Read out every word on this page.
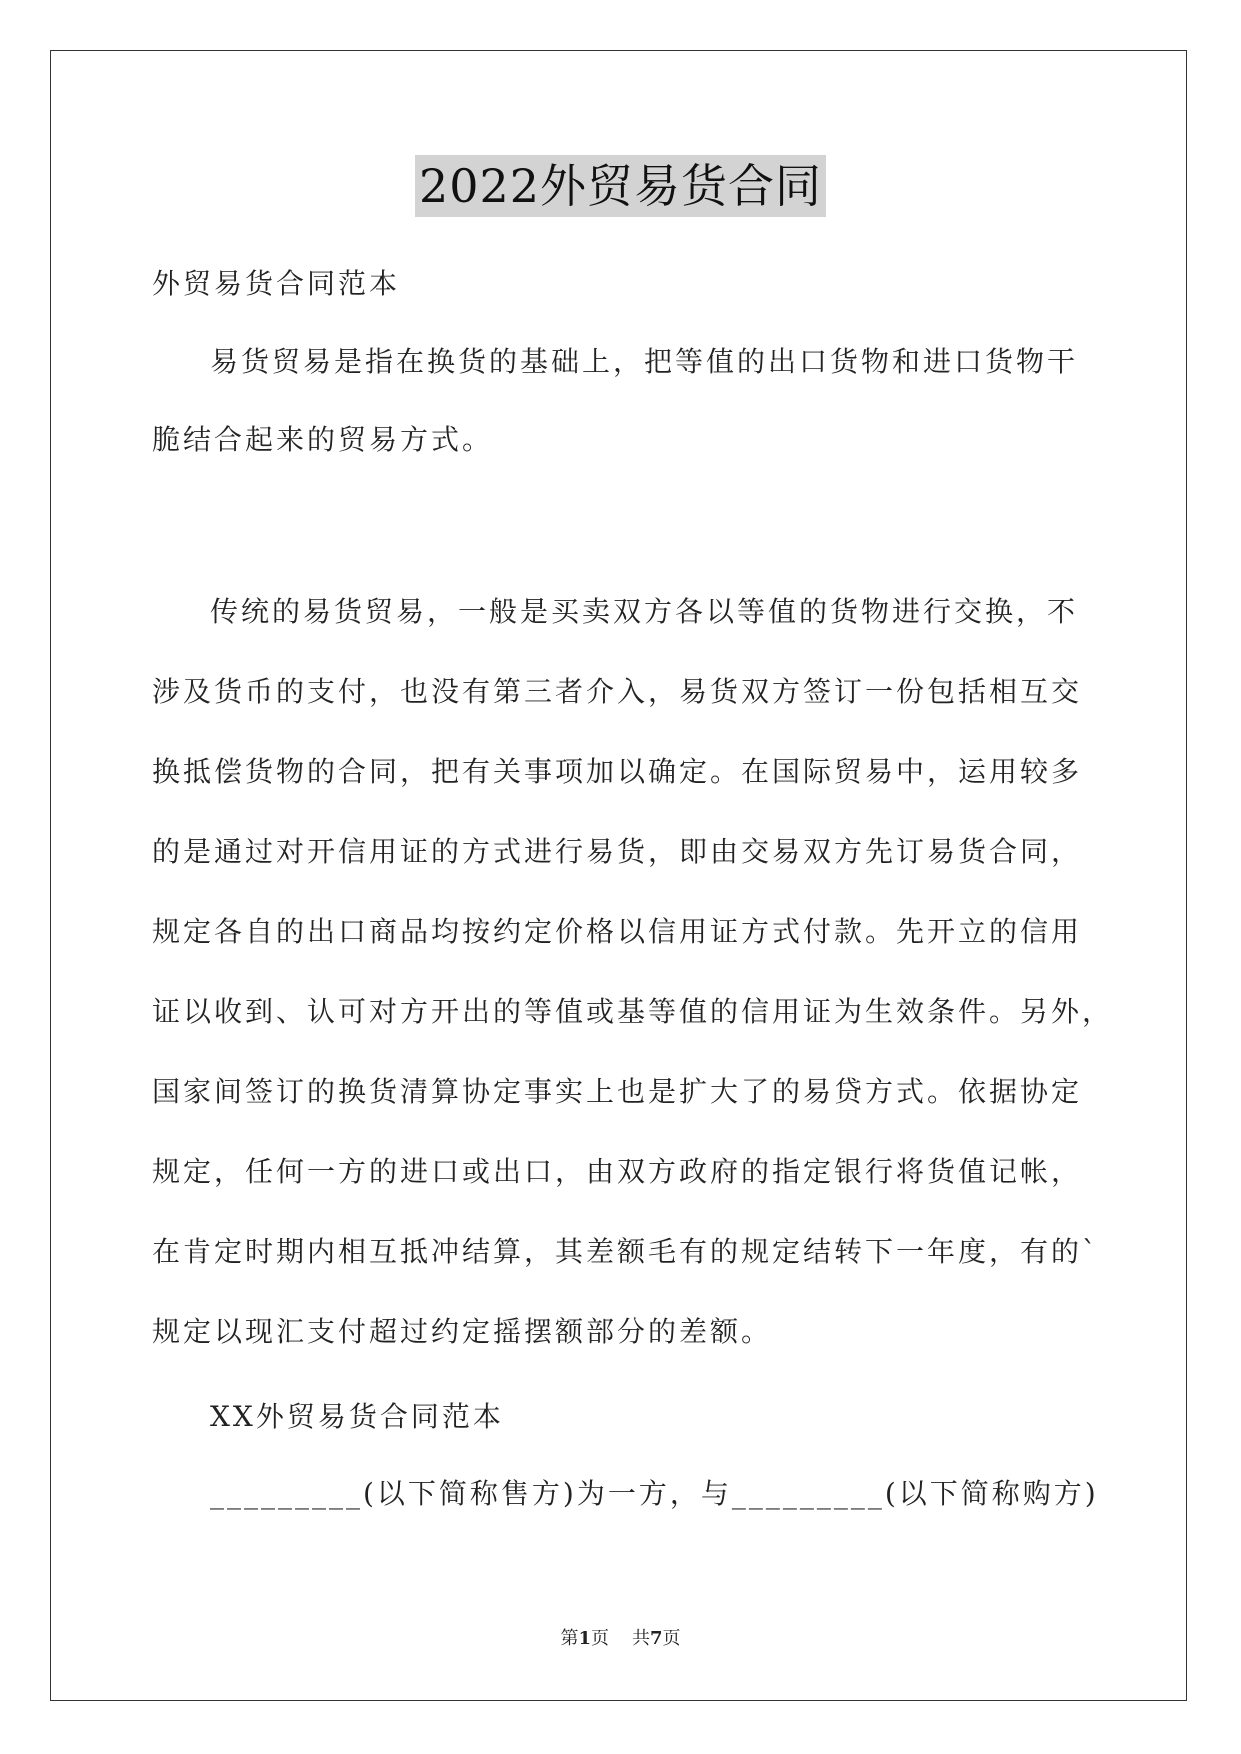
2022外贸易货合同
外贸易货合同范本
易货贸易是指在换货的基础上，把等值的出口货物和进口货物干
脆结合起来的贸易方式。
传统的易货贸易，一般是买卖双方各以等值的货物进行交换，不
涉及货币的支付，也没有第三者介入，易货双方签订一份包括相互交
换抵偿货物的合同，把有关事项加以确定。在国际贸易中，运用较多
的是通过对开信用证的方式进行易货，即由交易双方先订易货合同，
规定各自的出口商品均按约定价格以信用证方式付款。先开立的信用
证以收到、认可对方开出的等值或基等值的信用证为生效条件。另外，
国家间签订的换货清算协定事实上也是扩大了的易贷方式。依据协定
规定，任何一方的进口或出口，由双方政府的指定银行将货值记帐，
在肯定时期内相互抵冲结算，其差额毛有的规定结转下一年度，有的`
规定以现汇支付超过约定摇摆额部分的差额。
XX外贸易货合同范本
_________(以下简称售方)为一方，与_________(以下简称购方)
第1页 共7页
